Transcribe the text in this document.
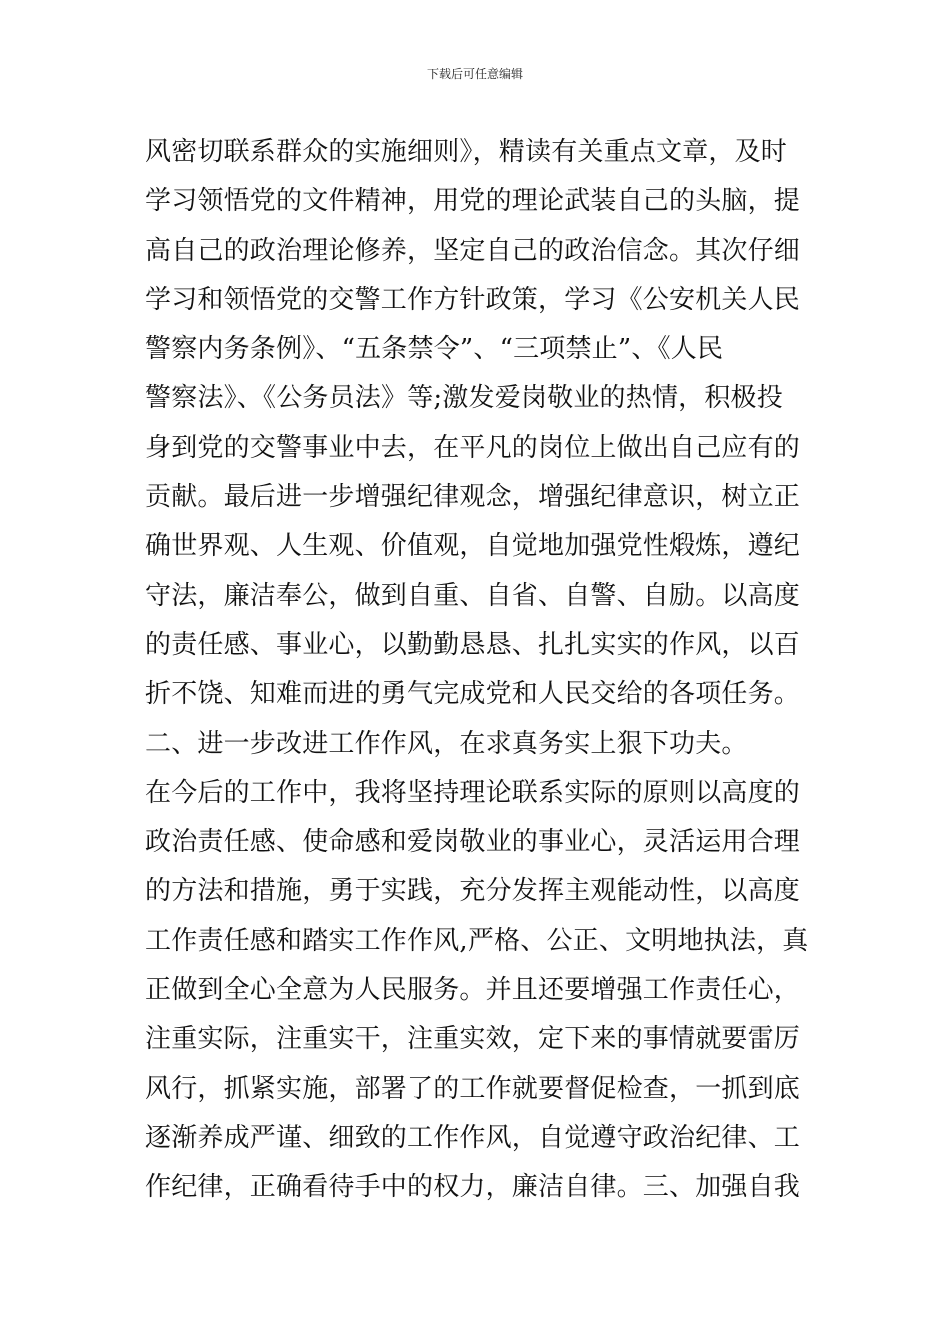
下载后可任意编辑
风密切联系群众的实施细则》，精读有关重点文章，及时
学习领悟党的文件精神，用党的理论武装自己的头脑，提
高自己的政治理论修养，坚定自己的政治信念。其次仔细
学习和领悟党的交警工作方针政策，学习《公安机关人民
警察内务条例》、“五条禁令”、“三项禁止”、《人民
警察法》、《公务员法》等;激发爱岗敬业的热情，积极投
身到党的交警事业中去，在平凡的岗位上做出自己应有的
贡献。最后进一步增强纪律观念，增强纪律意识，树立正
确世界观、人生观、价值观，自觉地加强党性煅炼，遵纪
守法，廉洁奉公，做到自重、自省、自警、自励。以高度
的责任感、事业心，以勤勤恳恳、扎扎实实的作风，以百
折不饶、知难而进的勇气完成党和人民交给的各项任务。
二、进一步改进工作作风，在求真务实上狠下功夫。
在今后的工作中，我将坚持理论联系实际的原则以高度的
政治责任感、使命感和爱岗敬业的事业心，灵活运用合理
的方法和措施，勇于实践，充分发挥主观能动性，以高度
工作责任感和踏实工作作风,严格、公正、文明地执法，真
正做到全心全意为人民服务。并且还要增强工作责任心，
注重实际，注重实干，注重实效，定下来的事情就要雷厉
风行，抓紧实施，部署了的工作就要督促检查，一抓到底
逐渐养成严谨、细致的工作作风，自觉遵守政治纪律、工
作纪律，正确看待手中的权力，廉洁自律。三、加强自我
